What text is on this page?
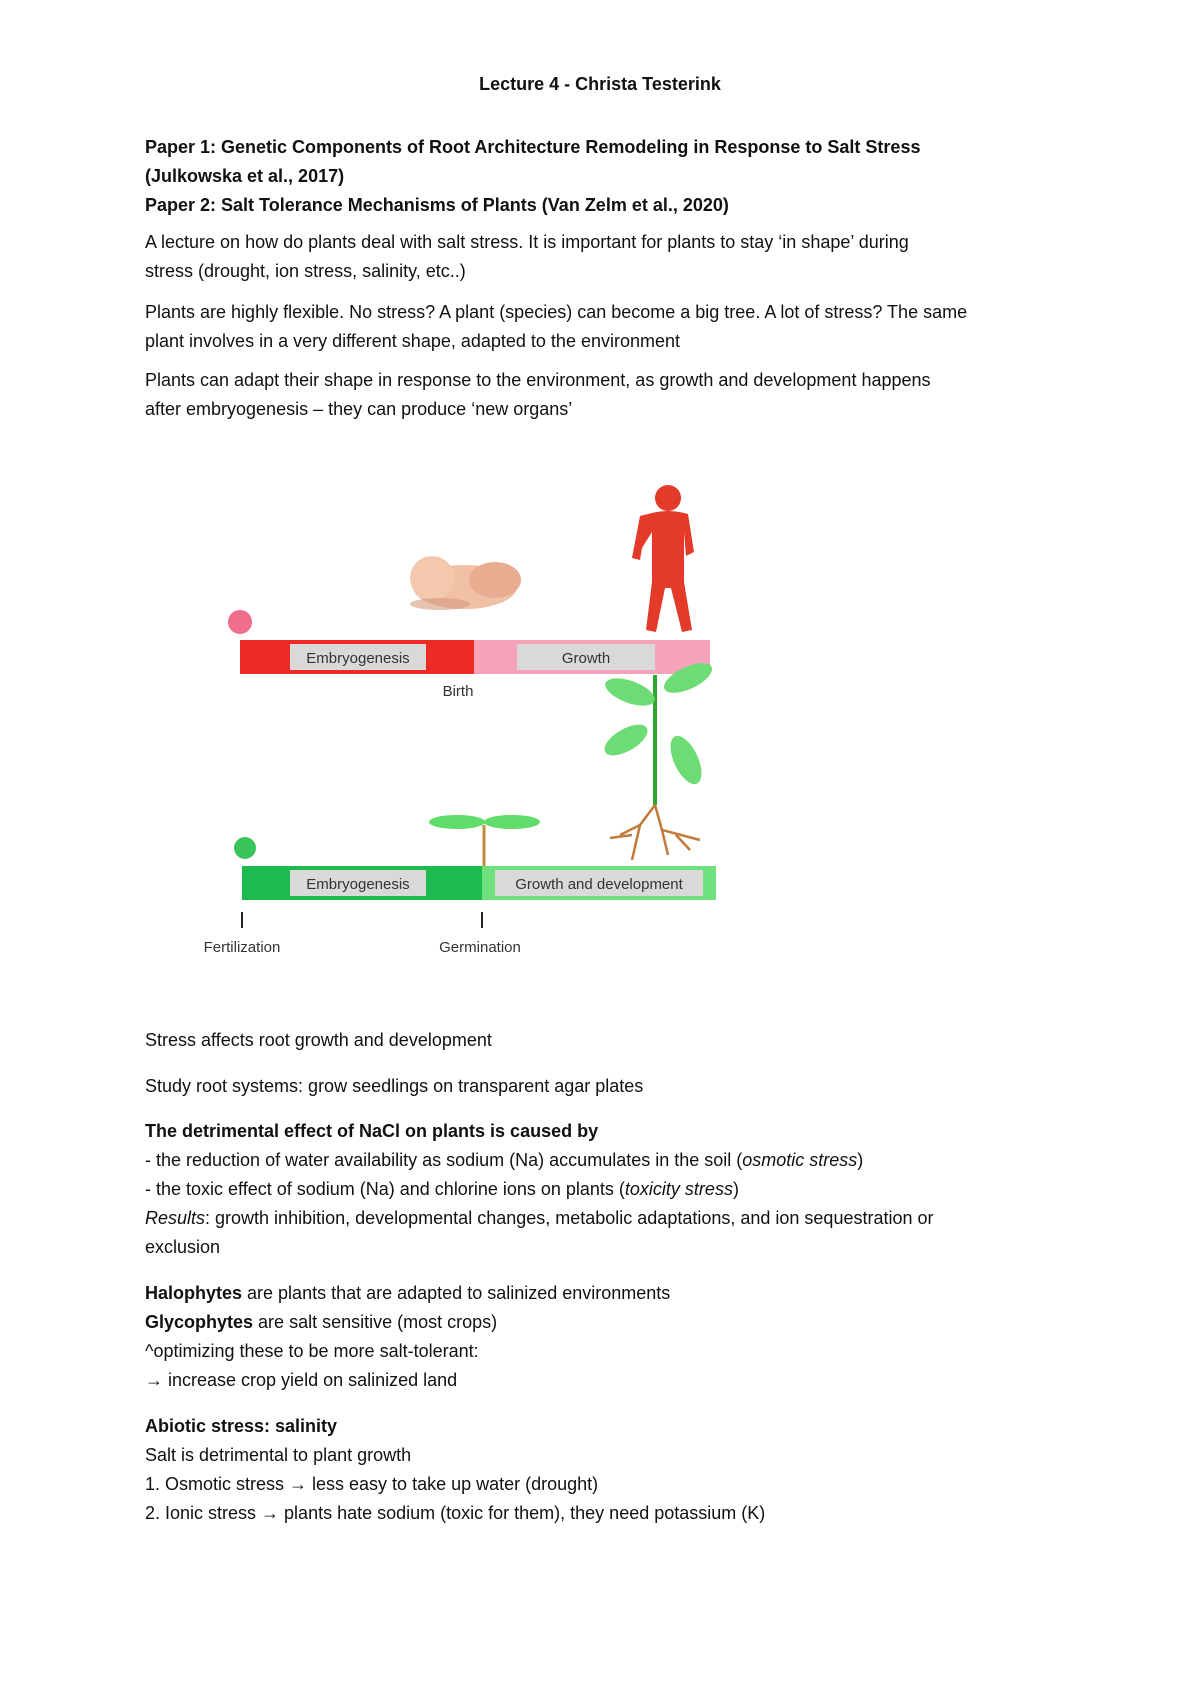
Lecture 4 - Christa Testerink

Paper 1: Genetic Components of Root Architecture Remodeling in Response to Salt Stress

(Julkowska et al., 2017)

Paper 2: Salt Tolerance Mechanisms of Plants (Van Zelm et al., 2020)

A lecture on how do plants deal with salt stress. It is important for plants to stay ‘in shape’ during

stress (drought, ion stress, salinity, etc..)

Plants are highly flexible. No stress? A plant (species) can become a big tree. A lot of stress? The same

plant involves in a very different shape, adapted to the environment

Plants can adapt their shape in response to the environment, as growth and development happens

after embryogenesis – they can produce ‘new organs’

Embryogenesis	Growth
Birth
Embryogenesis	Growth and development
Fertilization	Germination

Stress affects root growth and development

Study root systems: grow seedlings on transparent agar plates

The detrimental effect of NaCl on plants is caused by

- the reduction of water availability as sodium (Na) accumulates in the soil (osmotic stress)

- the toxic effect of sodium (Na) and chlorine ions on plants (toxicity stress)

Results: growth inhibition, developmental changes, metabolic adaptations, and ion sequestration or

exclusion

Halophytes are plants that are adapted to salinized environments

Glycophytes are salt sensitive (most crops)

^optimizing these to be more salt-tolerant:

→ increase crop yield on salinized land

Abiotic stress: salinity

Salt is detrimental to plant growth

1. Osmotic stress → less easy to take up water (drought)

2. Ionic stress → plants hate sodium (toxic for them), they need potassium (K)
